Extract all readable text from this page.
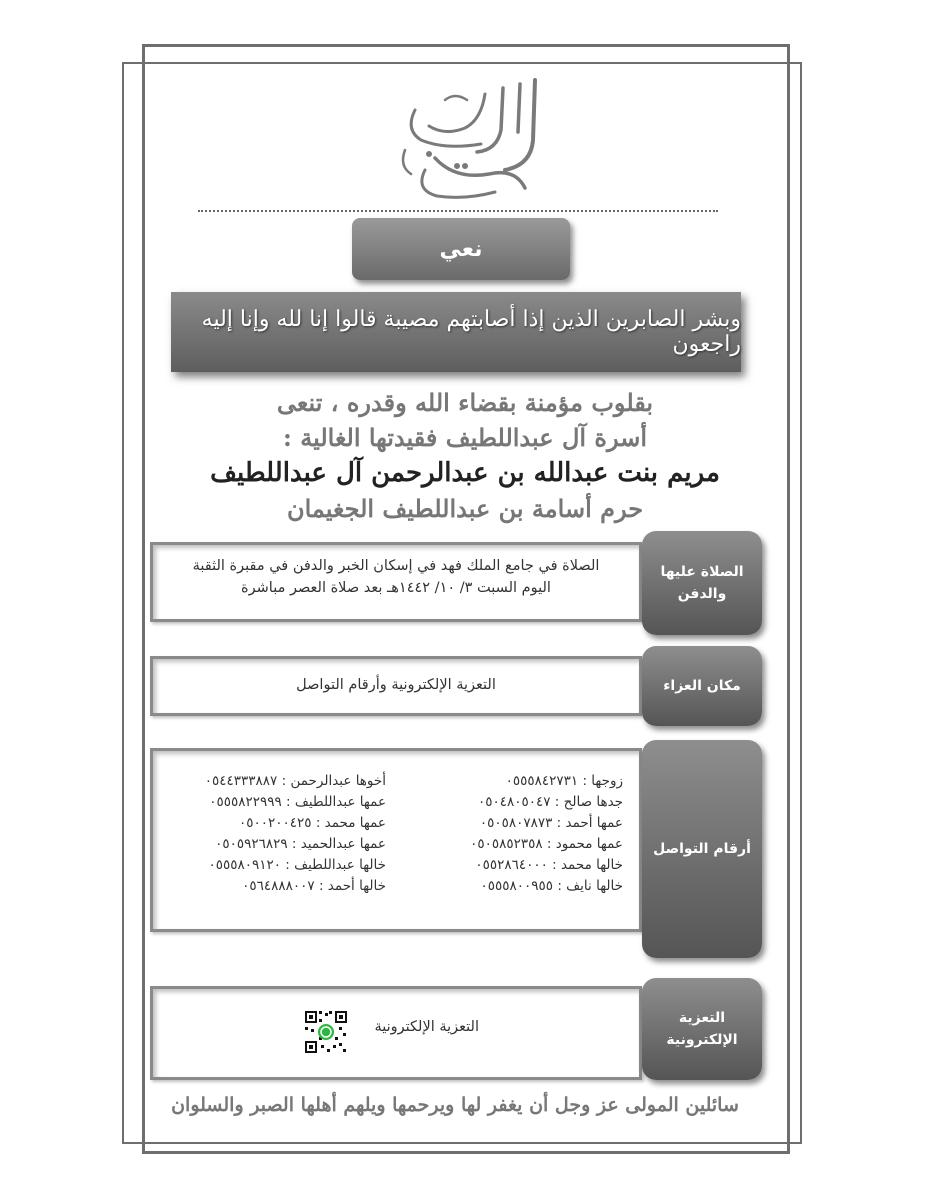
نعي
وبشر الصابرين الذين إذا أصابتهم مصيبة قالوا إنا لله وإنا إليه راجعون
بقلوب مؤمنة بقضاء الله وقدره ، تنعى
أسرة آل عبداللطيف فقيدتها الغالية :
مريم بنت عبدالله بن عبدالرحمن آل عبداللطيف
حرم أسامة بن عبداللطيف الجغيمان
الصلاة في جامع الملك فهد في إسكان الخبر والدفن في مقبرة الثقبة
اليوم السبت ٣/ ١٠/ ١٤٤٢هـ بعد صلاة العصر مباشرة
الصلاة عليها والدفن
التعزية الإلكترونية وأرقام التواصل	مكان العزاء
زوجها : ٠٥٥٥٨٤٢٧٣١
أخوها عبدالرحمن : ٠٥٤٤٣٣٣٨٨٧
جدها صالح : ٠٥٠٤٨٠٥٠٤٧
عمها عبداللطيف : ٠٥٥٥٨٢٢٩٩٩
عمها أحمد : ٠٥٠٥٨٠٧٨٧٣
عمها محمد : ٠٥٠٠٢٠٠٤٢٥
عمها محمود : ٠٥٠٥٨٥٢٣٥٨
عمها عبدالحميد : ٠٥٠٥٩٢٦٨٢٩
خالها محمد : ٠٥٥٢٨٦٤٠٠٠
خالها عبداللطيف : ٠٥٥٥٨٠٩١٢٠
خالها نايف : ٠٥٥٥٨٠٠٩٥٥
خالها أحمد : ٠٥٦٤٨٨٨٠٠٧
أرقام التواصل
التعزية الإلكترونية
التعزية الإلكترونية
سائلين المولى عز وجل أن يغفر لها ويرحمها ويلهم أهلها الصبر والسلوان
